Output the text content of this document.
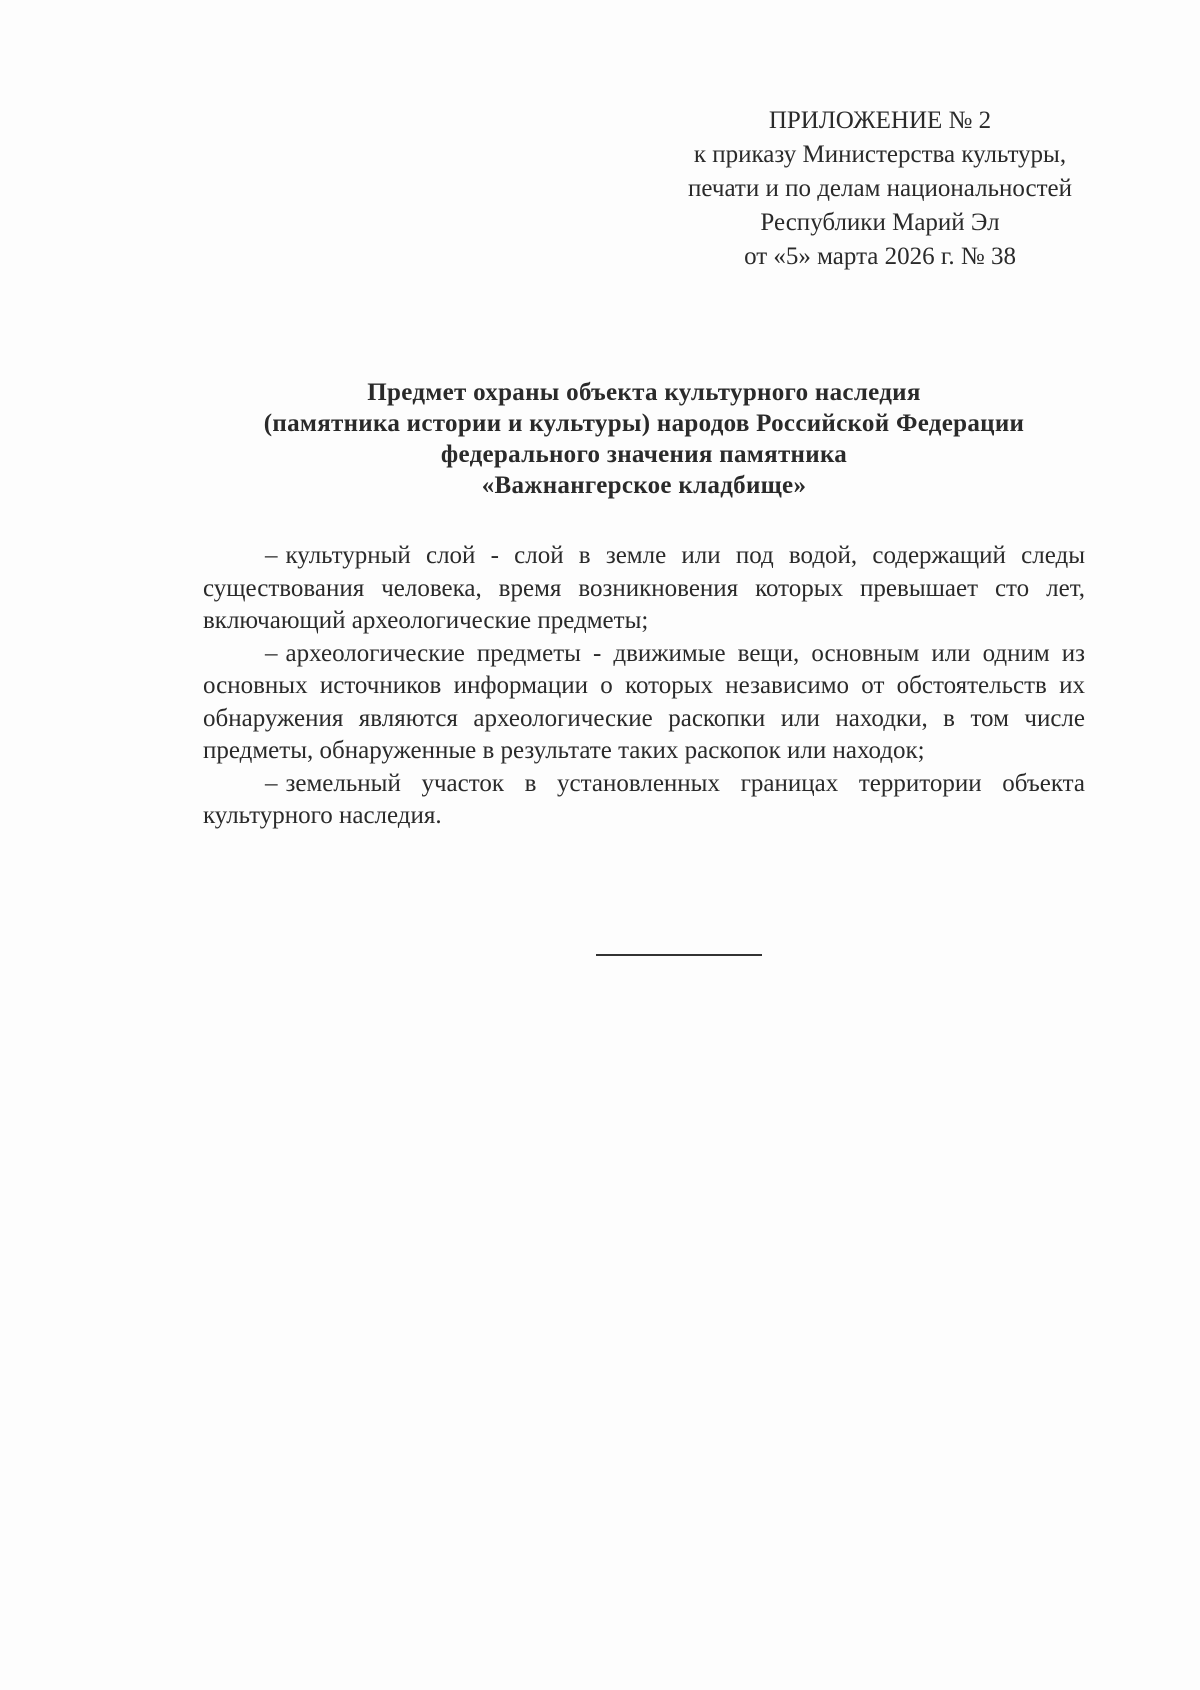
ПРИЛОЖЕНИЕ № 2
к приказу Министерства культуры,
печати и по делам национальностей
Республики Марий Эл
от «5» марта 2026 г. № 38
Предмет охраны объекта культурного наследия
(памятника истории и культуры) народов Российской Федерации
федерального значения памятника
«Важнангерское кладбище»

– культурный слой - слой в земле или под водой, содержащий следы существования человека, время возникновения которых превышает сто лет, включающий археологические предметы;

– археологические предметы - движимые вещи, основным или одним из основных источников информации о которых независимо от обстоятельств их обнаружения являются археологические раскопки или находки, в том числе предметы, обнаруженные в результате таких раскопок или находок;

– земельный участок в установленных границах территории объекта культурного наследия.
